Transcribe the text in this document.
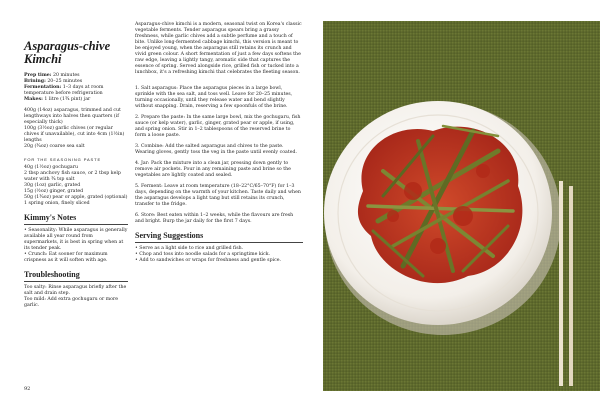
Asparagus-chive Kimchi

Prep time: 20 minutes

Brining: 20–25 minutes

Fermentation: 1–3 days at room temperature before refrigeration

Makes: 1 litre (1¾ pint) jar

400g (14oz) asparagus, trimmed and cut lengthways into halves then quarters (if especially thick)

100g (3½oz) garlic chives (or regular chives if unavailable), cut into 4cm (1½in) lengths

20g (¾oz) coarse sea salt

FOR THE SEASONING PASTE

40g (1½oz) gochugaru

2 tbsp anchovy fish sauce, or 2 tbsp kelp water with ¾ tsp salt

30g (1oz) garlic, grated

15g (½oz) ginger, grated

50g (1¾oz) pear or apple, grated (optional)

1 spring onion, finely sliced

Kimmy's Notes

• Seasonality: While asparagus is generally available all year round from supermarkets, it is best in spring when at its tender peak.

• Crunch: Eat sooner for maximum crispness as it will soften with age.

Troubleshooting

Too salty: Rinse asparagus briefly after the salt and drain step.

Too mild: Add extra gochugaru or more garlic.

Asparagus-chive kimchi is a modern, seasonal twist on Korea's classic vegetable ferments. Tender asparagus spears bring a grassy freshness, while garlic chives add a subtle perfume and a touch of bite. Unlike long-fermented cabbage kimchi, this version is meant to be enjoyed young, when the asparagus still retains its crunch and vivid green colour. A short fermentation of just a few days softens the raw edge, leaving a lightly tangy, aromatic side that captures the essence of spring. Served alongside rice, grilled fish or tucked into a lunchbox, it's a refreshing kimchi that celebrates the fleeting season.

1. Salt asparagus: Place the asparagus pieces in a large bowl, sprinkle with the sea salt, and toss well. Leave for 20–25 minutes, turning occasionally, until they release water and bend slightly without snapping. Drain, reserving a few spoonfuls of the brine.

2. Prepare the paste: In the same large bowl, mix the gochugaru, fish sauce (or kelp water), garlic, ginger, grated pear or apple, if using, and spring onion. Stir in 1–2 tablespoons of the reserved brine to form a loose paste.

3. Combine: Add the salted asparagus and chives to the paste. Wearing gloves, gently toss the veg in the paste until evenly coated.

4. Jar: Pack the mixture into a clean jar, pressing down gently to remove air pockets. Pour in any remaining paste and brine so the vegetables are lightly coated and sealed.

5. Ferment: Leave at room temperature (18–22°C/65–70°F) for 1–3 days, depending on the warmth of your kitchen. Taste daily and when the asparagus develops a light tang but still retains its crunch, transfer to the fridge.

6. Store: Best eaten within 1–2 weeks, while the flavours are fresh and bright. Burp the jar daily for the first 7 days.

Serving Suggestions

• Serve as a light side to rice and grilled fish.

• Chop and toss into noodle salads for a springtime kick.

• Add to sandwiches or wraps for freshness and gentle spice.

92
